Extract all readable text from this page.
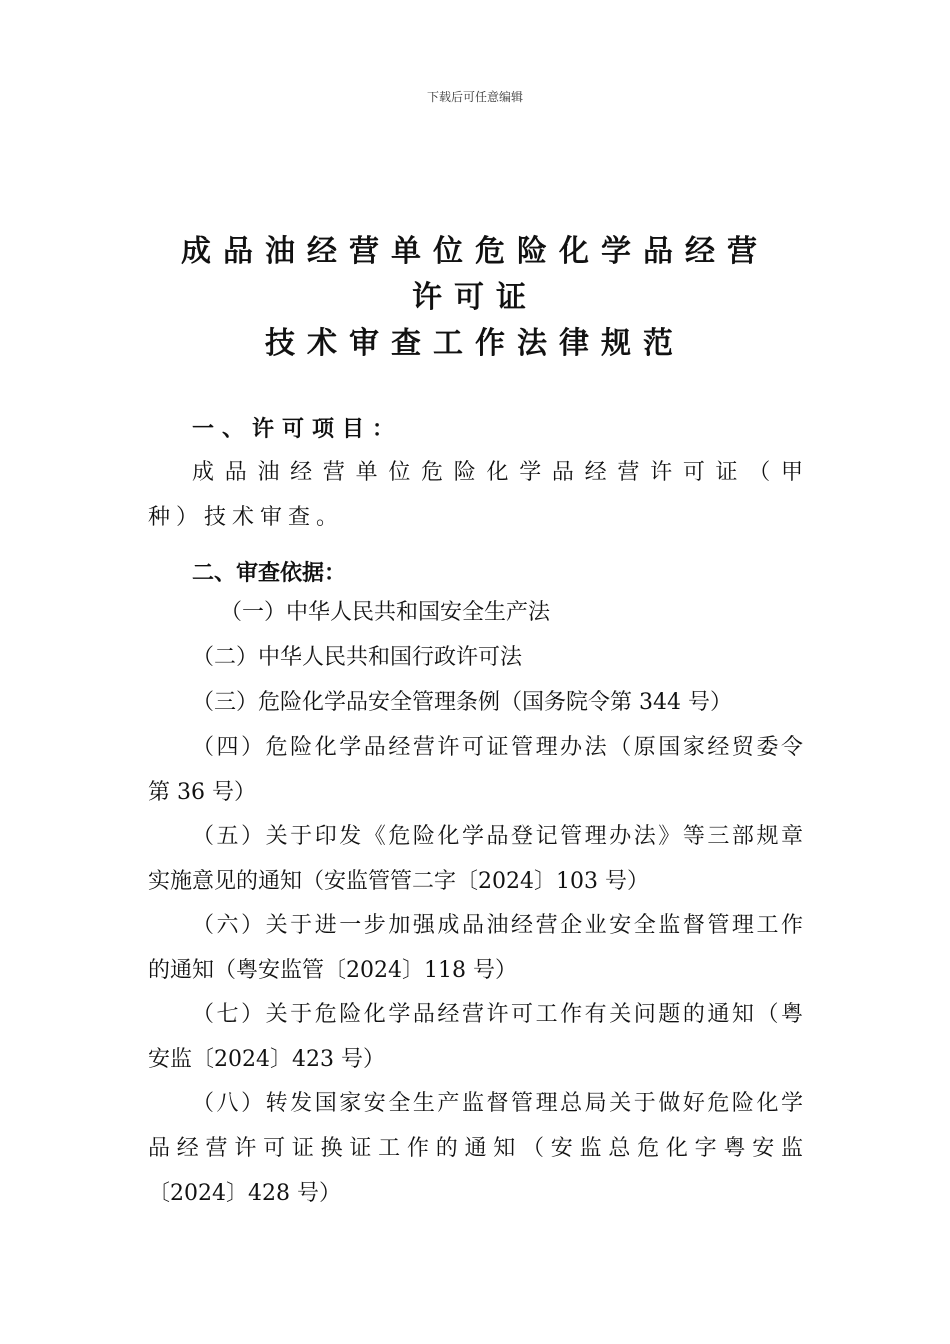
下载后可任意编辑
成品油经营单位危险化学品经营
许可证
技术审查工作法律规范
一、许可项目：
成品油经营单位危险化学品经营许可证（甲
种）技术审查。
二、审查依据：
（一）中华人民共和国安全生产法
（二）中华人民共和国行政许可法
（三）危险化学品安全管理条例（国务院令第 344 号）
（四）危险化学品经营许可证管理办法（原国家经贸委令
第 36 号）
（五）关于印发《危险化学品登记管理办法》等三部规章
实施意见的通知（安监管管二字〔2024〕103 号）
（六）关于进一步加强成品油经营企业安全监督管理工作
的通知（粤安监管〔2024〕118 号）
（七）关于危险化学品经营许可工作有关问题的通知（粤
安监〔2024〕423 号）
（八）转发国家安全生产监督管理总局关于做好危险化学
品经营许可证换证工作的通知（安监总危化字粤安监
〔2024〕428 号）
